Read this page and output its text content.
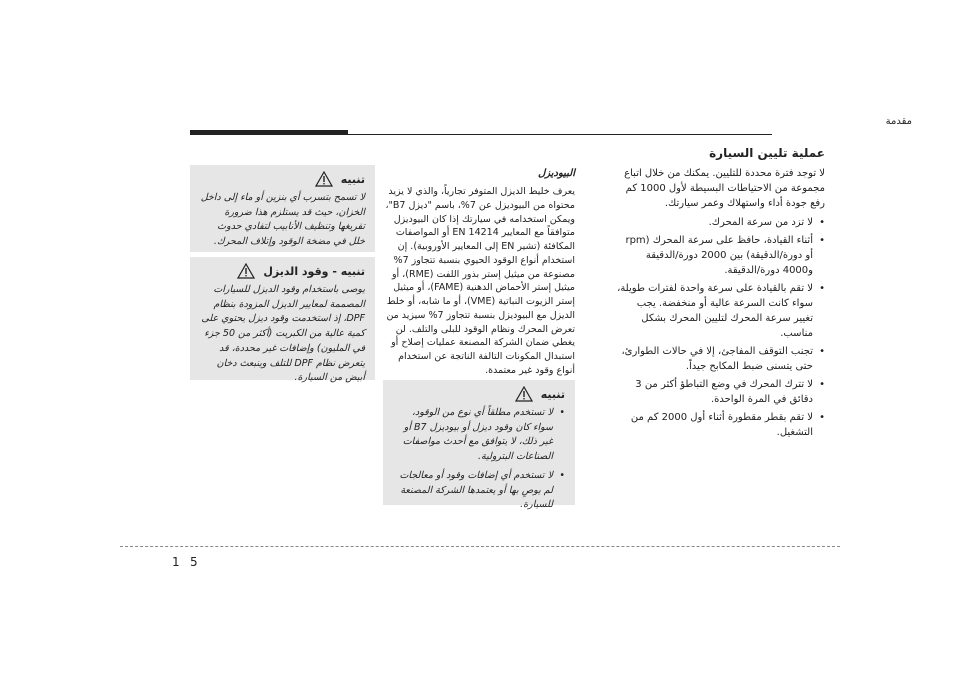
مقدمة
عملية تليين السيارة

لا توجد فترة محددة للتليين. يمكنك من خلال اتباع مجموعة من الاحتياطات البسيطة لأول 1000 كم رفع جودة أداء واستهلاك وعمر سيارتك.

• لا تزد من سرعة المحرك.
• أثناء القيادة، حافظ على سرعة المحرك (rpm أو دورة/الدقيقة) بين 2000 دورة/الدقيقة و4000 دورة/الدقيقة.
• لا تقم بالقيادة على سرعة واحدة لفترات طويلة، سواء كانت السرعة عالية أو منخفضة. يجب تغيير سرعة المحرك لتليين المحرك بشكل مناسب.
• تجنب التوقف المفاجئ، إلا في حالات الطوارئ، حتى يتسنى ضبط المكابح جيداً.
• لا تترك المحرك في وضع التباطؤ أكثر من 3 دقائق في المرة الواحدة.
• لا تقم بقطر مقطورة أثناء أول 2000 كم من التشغيل.
البيوديزل

يعرف خليط الديزل المتوفر تجارياً، والذي لا يزيد محتواه من البيوديزل عن 7%، باسم "ديزل B7"، ويمكن استخدامه في سيارتك إذا كان البيوديزل متوافقاً مع المعايير EN 14214 أو المواصفات المكافئة (تشير EN إلى المعايير الأوروبية). إن استخدام أنواع الوقود الحيوي بنسبة تتجاوز 7% مصنوعة من ميثيل إستر بذور اللفت (RME)، أو ميثيل إستر الأحماض الدهنية (FAME)، أو ميثيل إستر الزيوت النباتية (VME)، أو ما شابه، أو خلط الديزل مع البيوديزل بنسبة تتجاوز 7% سيزيد من تعرض المحرك ونظام الوقود للبلى والتلف. لن يغطي ضمان الشركة المصنعة عمليات إصلاح أو استبدال المكونات التالفة الناتجة عن استخدام أنواع وقود غير معتمدة.

تنبيه
• لا تستخدم مطلقاً أي نوع من الوقود، سواء كان وقود ديزل أو بيوديزل B7 أو غير ذلك، لا يتوافق مع أحدث مواصفات الصناعات البترولية.
• لا تستخدم أي إضافات وقود أو معالجات لم يوصِ بها أو يعتمدها الشركة المصنعة للسيارة.
تنبيه

لا تسمح بتسرب أي بنزين أو ماء إلى داخل الخزان، حيث قد يستلزم هذا ضرورة تفريغها وتنظيف الأنابيب لتفادي حدوث خلل في مضخة الوقود وإتلاف المحرك.

تنبيه - وقود الديزل

يوصى باستخدام وقود الديزل للسيارات المصممة لمعايير الديزل المزودة بنظام DPF، إذ استخدمت وقود ديزل يحتوي على كمية عالية من الكبريت (أكثر من 50 جزء في المليون) وإضافات غير محددة، قد يتعرض نظام DPF للتلف وينبعث دخان أبيض من السيارة.

1 5
